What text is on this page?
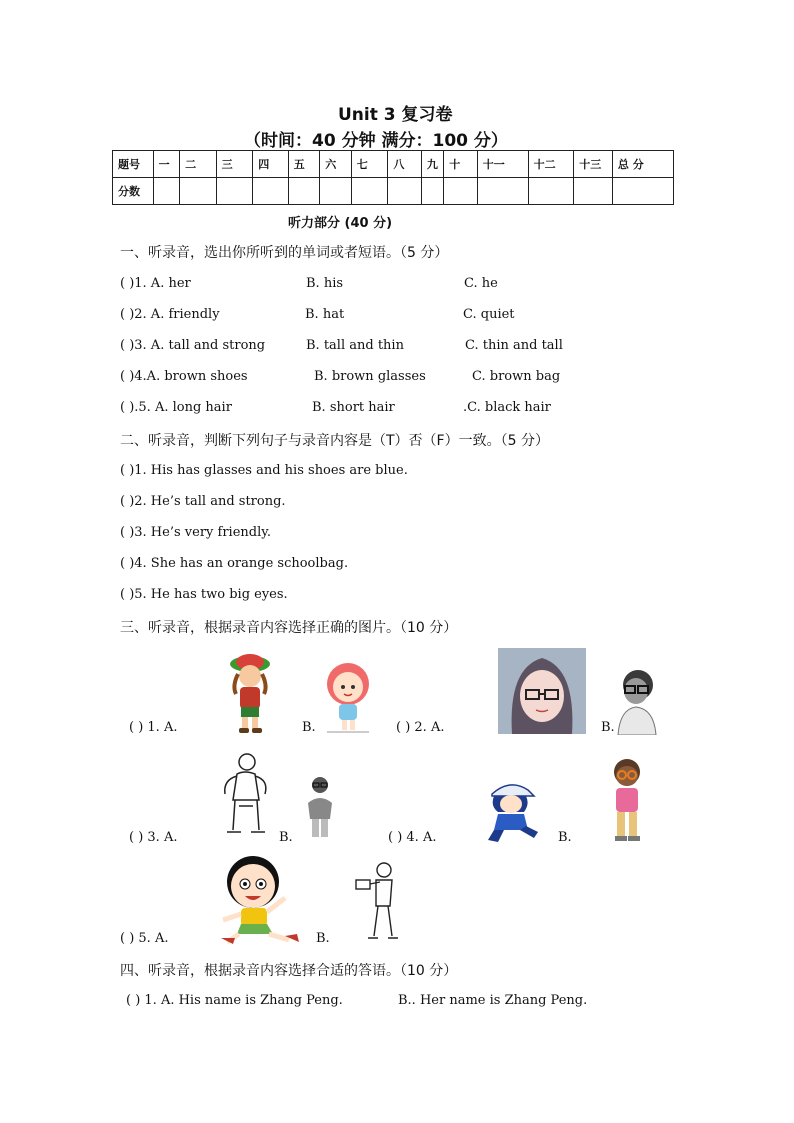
Unit 3 复习卷
（时间：40 分钟 满分：100 分）
题号	一	二	三	四	五	六	七	八	九	十	十一	十二	十三	总 分
分数														
听力部分 (40 分)
一、听录音，选出你所听到的单词或者短语。（5 分）
( )1. A. her	B. his	C. he
( )2. A. friendly	B. hat	C. quiet
( )3. A. tall and strong	B. tall and thin	C. thin and tall
( )4.A. brown shoes	B. brown glasses	C. brown bag
( ).5. A. long hair	B. short hair	.C. black hair
二、听录音，判断下列句子与录音内容是（T）否（F）一致。（5 分）
( )1. His has glasses and his shoes are blue.
( )2. He’s tall and strong.
( )3. He’s very friendly.
( )4. She has an orange schoolbag.
( )5. He has two big eyes.
三、听录音，根据录音内容选择正确的图片。（10 分）
( ) 1. A.	B.	( ) 2. A.	B.
( ) 3. A.	B.	( ) 4. A.	B.
( ) 5. A.	B.
四、听录音，根据录音内容选择合适的答语。（10 分）
( ) 1. A. His name is Zhang Peng.	B.. Her name is Zhang Peng.
